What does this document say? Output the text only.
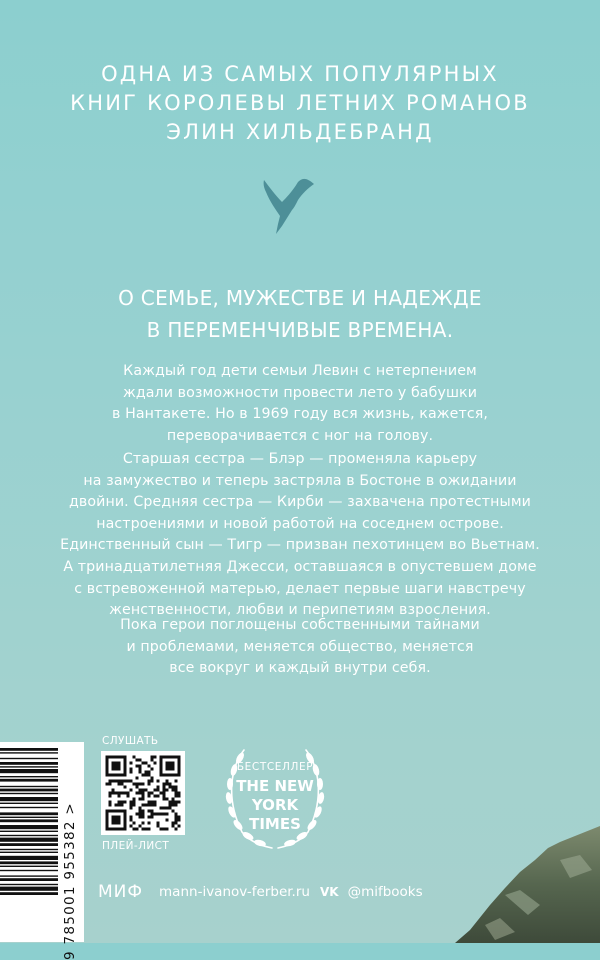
ОДНА ИЗ САМЫХ ПОПУЛЯРНЫХ
КНИГ КОРОЛЕВЫ ЛЕТНИХ РОМАНОВ
ЭЛИН ХИЛЬДЕБРАНД
О СЕМЬЕ, МУЖЕСТВЕ И НАДЕЖДЕ
В ПЕРЕМЕНЧИВЫЕ ВРЕМЕНА.
Каждый год дети семьи Левин с нетерпением
ждали возможности провести лето у бабушки
в Нантакете. Но в 1969 году вся жизнь, кажется,
переворачивается с ног на голову.
Старшая сестра — Блэр — променяла карьеру
на замужество и теперь застряла в Бостоне в ожидании
двойни. Средняя сестра — Кирби — захвачена протестными
настроениями и новой работой на соседнем острове.
Единственный сын — Тигр — призван пехотинцем во Вьетнам.
А тринадцатилетняя Джесси, оставшаяся в опустевшем доме
с встревоженной матерью, делает первые шаги навстречу
женственности, любви и перипетиям взросления.
Пока герои поглощены собственными тайнами
и проблемами, меняется общество, меняется
все вокруг и каждый внутри себя.
9 785001 955382 >
СЛУШАТЬ
ПЛЕЙ-ЛИСТ
БЕСТСЕЛЛЕР
THE NEW
YORK
TIMES
МИФ mann-ivanov-ferber.ru VK @mifbooks
